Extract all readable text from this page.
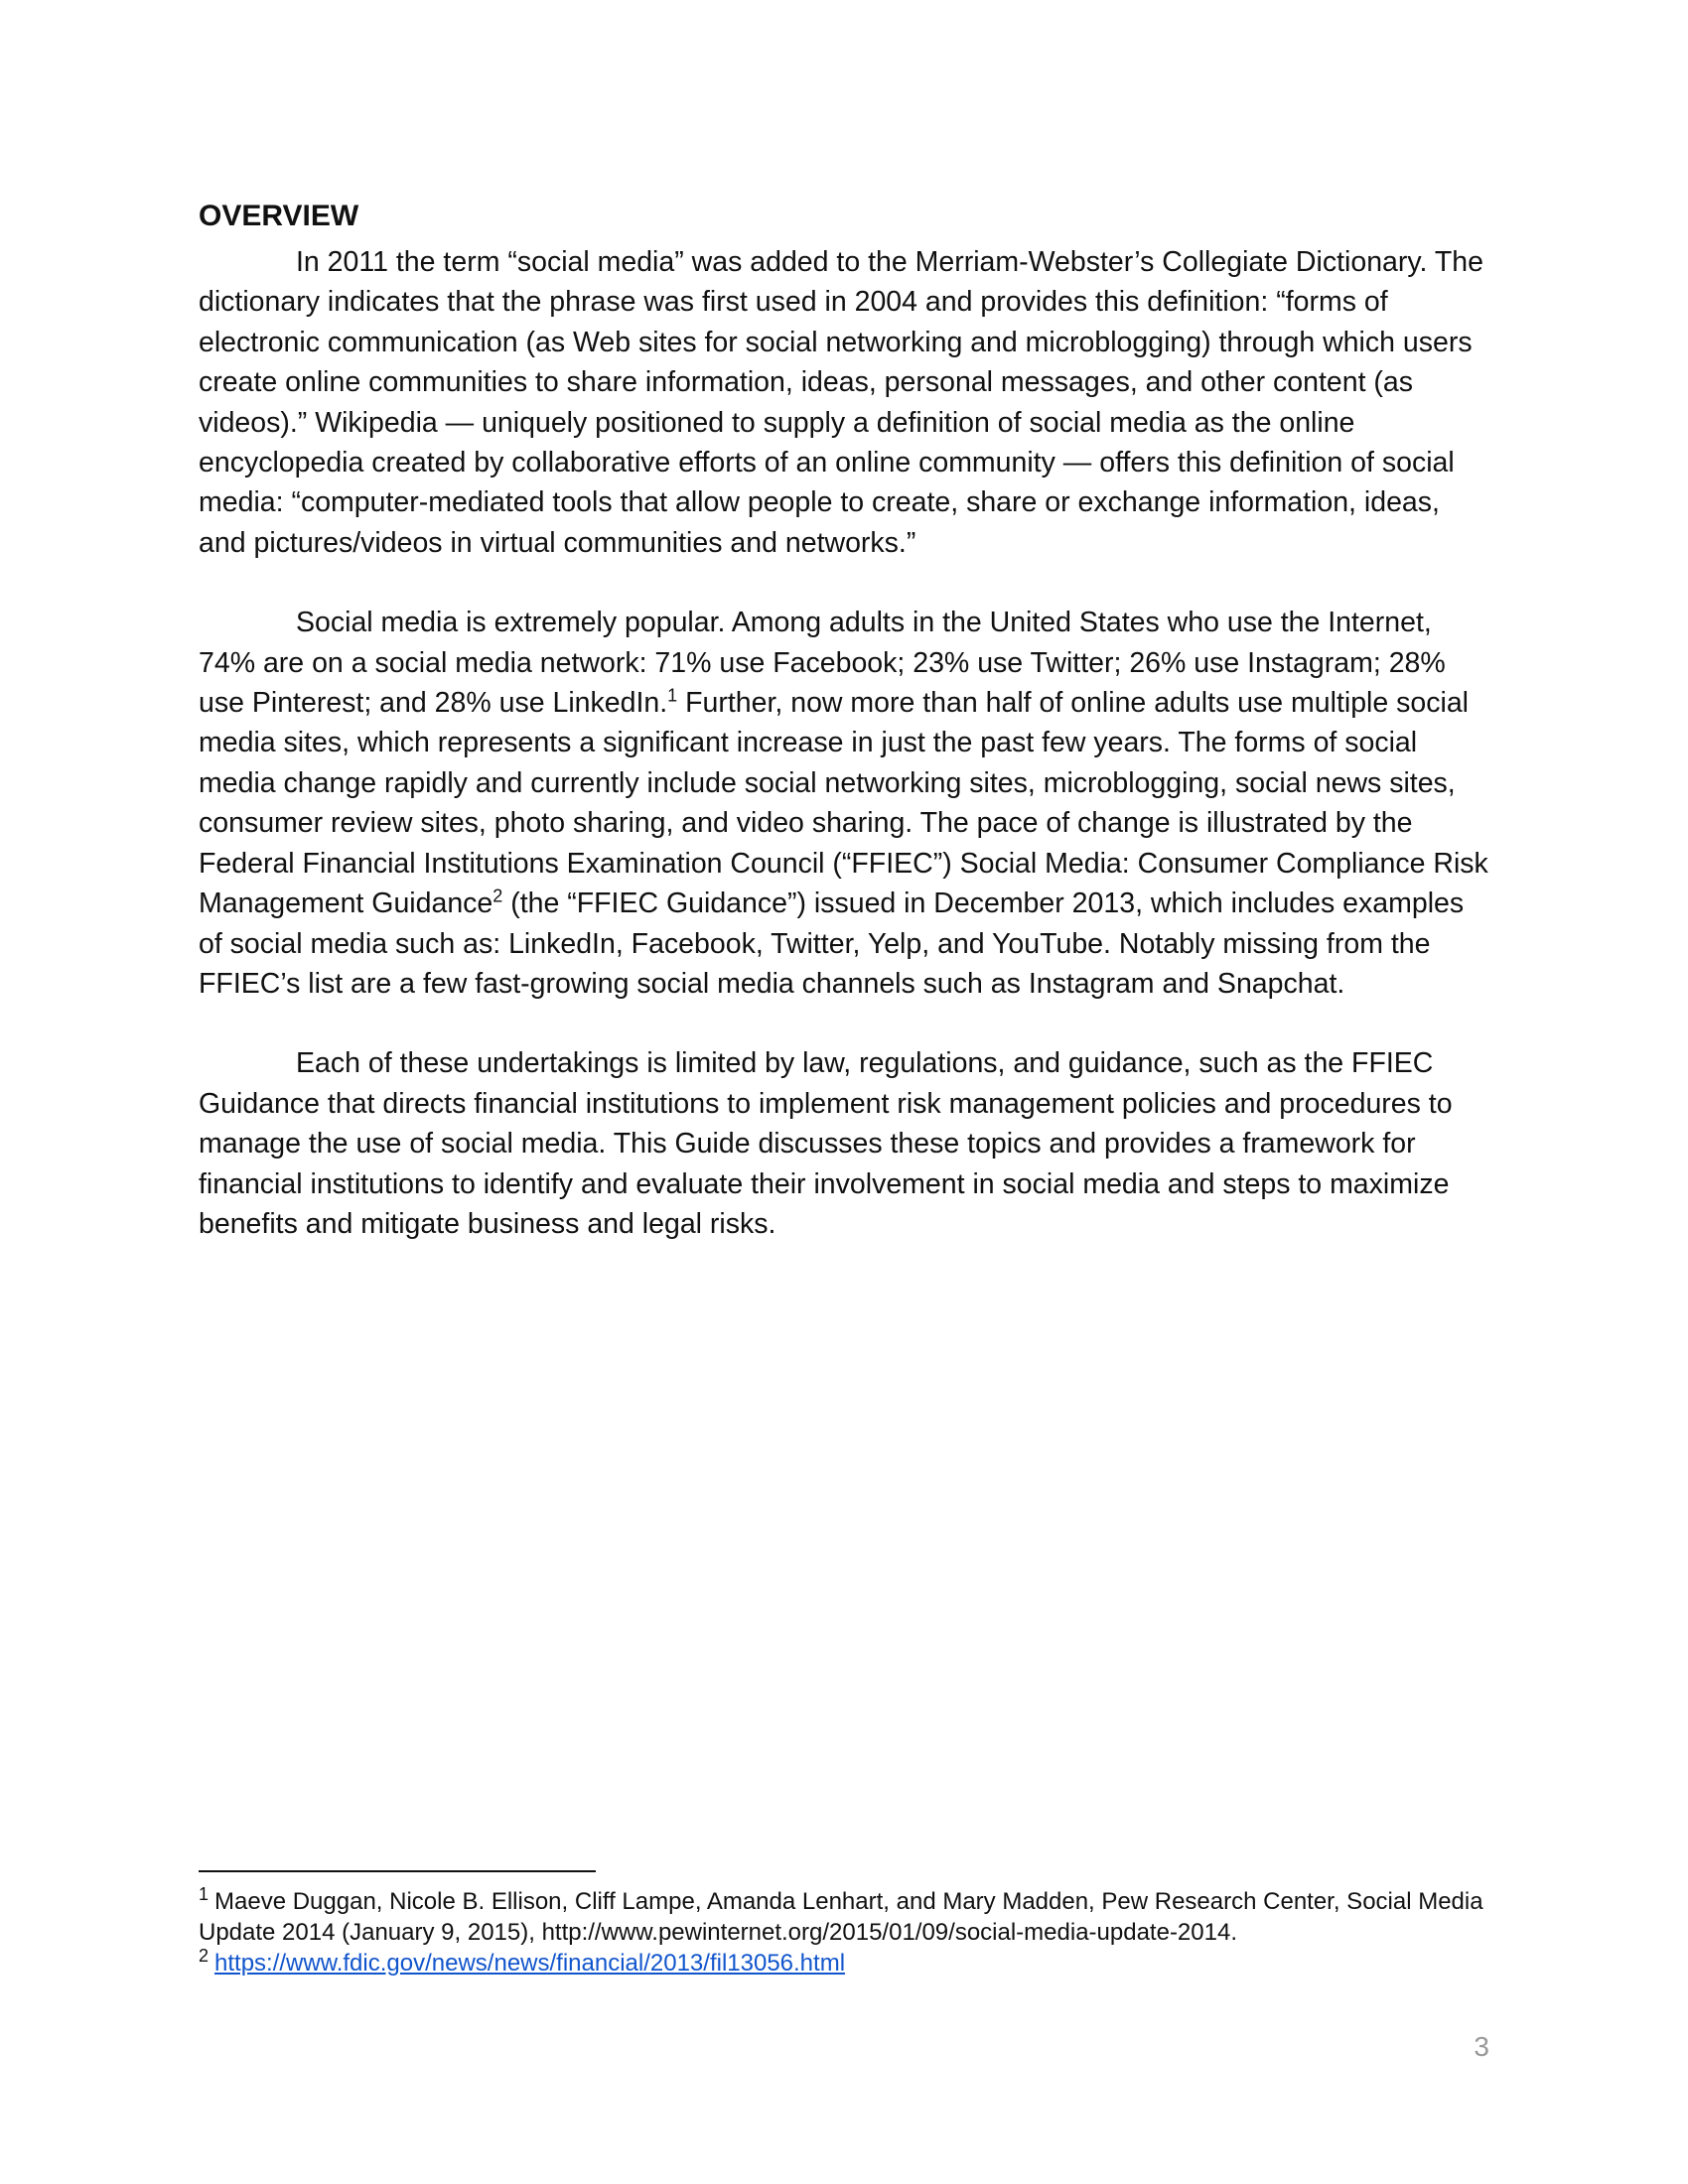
OVERVIEW

In 2011 the term “social media” was added to the Merriam-Webster’s Collegiate Dictionary. The dictionary indicates that the phrase was first used in 2004 and provides this definition: “forms of electronic communication (as Web sites for social networking and microblogging) through which users create online communities to share information, ideas, personal messages, and other content (as videos).” Wikipedia — uniquely positioned to supply a definition of social media as the online encyclopedia created by collaborative efforts of an online community — offers this definition of social media: “computer-mediated tools that allow people to create, share or exchange information, ideas, and pictures/videos in virtual communities and networks.”

Social media is extremely popular. Among adults in the United States who use the Internet, 74% are on a social media network: 71% use Facebook; 23% use Twitter; 26% use Instagram; 28% use Pinterest; and 28% use LinkedIn.$^1$ Further, now more than half of online adults use multiple social media sites, which represents a significant increase in just the past few years. The forms of social media change rapidly and currently include social networking sites, microblogging, social news sites, consumer review sites, photo sharing, and video sharing. The pace of change is illustrated by the Federal Financial Institutions Examination Council (“FFIEC”) Social Media: Consumer Compliance Risk Management Guidance$^2$ (the “FFIEC Guidance”) issued in December 2013, which includes examples of social media such as: LinkedIn, Facebook, Twitter, Yelp, and YouTube. Notably missing from the FFIEC’s list are a few fast-growing social media channels such as Instagram and Snapchat.

Each of these undertakings is limited by law, regulations, and guidance, such as the FFIEC Guidance that directs financial institutions to implement risk management policies and procedures to manage the use of social media. This Guide discusses these topics and provides a framework for financial institutions to identify and evaluate their involvement in social media and steps to maximize benefits and mitigate business and legal risks.

$^1$ Maeve Duggan, Nicole B. Ellison, Cliff Lampe, Amanda Lenhart, and Mary Madden, Pew Research Center, Social Media Update 2014 (January 9, 2015), http://www.pewinternet.org/2015/01/09/social-media-update-2014.

$^2$ https://www.fdic.gov/news/news/financial/2013/fil13056.html

3
